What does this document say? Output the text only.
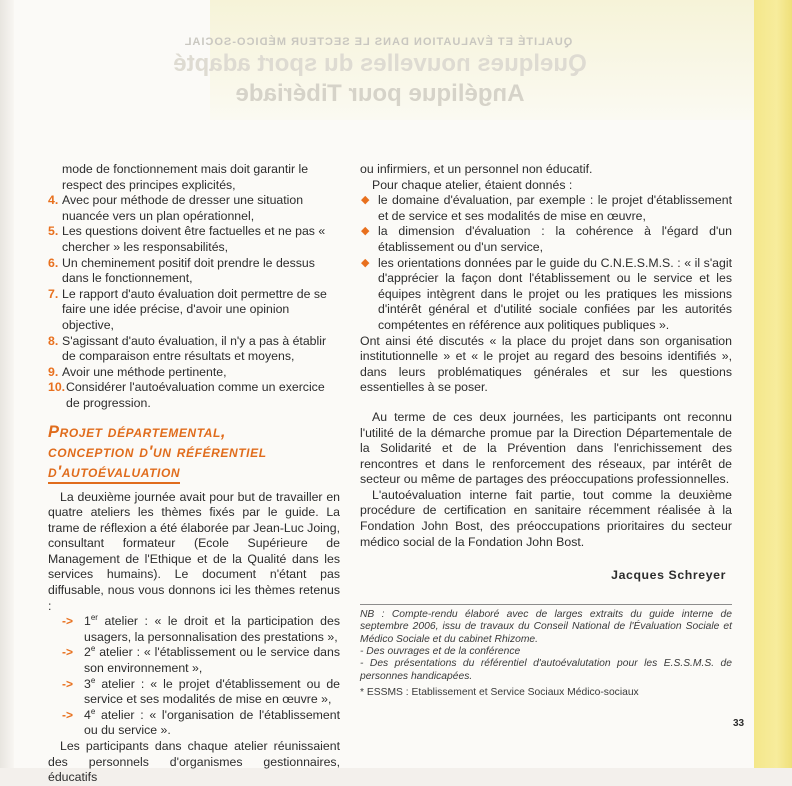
QUALITÉ ET ÉVALUATION DANS LE SECTEUR MÉDICO-SOCIAL
Quelques nouvelles du sport adapté
Angélique pour Tibériade
mode de fonctionnement mais doit garantir le respect des principes explicités,
4. Avec pour méthode de dresser une situation nuancée vers un plan opérationnel,
5. Les questions doivent être factuelles et ne pas « chercher » les responsabilités,
6. Un cheminement positif doit prendre le dessus dans le fonctionnement,
7. Le rapport d'auto évaluation doit permettre de se faire une idée précise, d'avoir une opinion objective,
8. S'agissant d'auto évaluation, il n'y a pas à établir de comparaison entre résultats et moyens,
9. Avoir une méthode pertinente,
10. Considérer l'autoévaluation comme un exercice de progression.
Projet départemental,
conception d'un référentiel
d'autoévaluation

La deuxième journée avait pour but de travailler en quatre ateliers les thèmes fixés par le guide. La trame de réflexion a été élaborée par Jean-Luc Joing, consultant formateur (Ecole Supérieure de Management de l'Ethique et de la Qualité dans les services humains). Le document n'étant pas diffusable, nous vous donnons ici les thèmes retenus :

-> 1er atelier : « le droit et la participation des usagers, la personnalisation des prestations »,
-> $2^e$ atelier : « l'établissement ou le service dans son environnement »,
-> $3^e$ atelier : « le projet d'établissement ou de service et ses modalités de mise en œuvre »,
-> $4^e$ atelier : « l'organisation de l'établissement ou du service ».

Les participants dans chaque atelier réunissaient des personnels d'organismes gestionnaires, éducatifs

ou infirmiers, et un personnel non éducatif.

Pour chaque atelier, étaient donnés :

◆ le domaine d'évaluation, par exemple : le projet d'établissement et de service et ses modalités de mise en œuvre,
◆ la dimension d'évaluation : la cohérence à l'égard d'un établissement ou d'un service,
◆ les orientations données par le guide du C.N.E.S.M.S. : « il s'agit d'apprécier la façon dont l'établissement ou le service et les équipes intègrent dans le projet ou les pratiques les missions d'intérêt général et d'utilité sociale confiées par les autorités compétentes en référence aux politiques publiques ».

Ont ainsi été discutés « la place du projet dans son organisation institutionnelle » et « le projet au regard des besoins identifiés », dans leurs problématiques générales et sur les questions essentielles à se poser.

Au terme de ces deux journées, les participants ont reconnu l'utilité de la démarche promue par la Direction Départementale de la Solidarité et de la Prévention dans l'enrichissement des rencontres et dans le renforcement des réseaux, par intérêt de secteur ou même de partages des préoccupations professionnelles.

L'autoévaluation interne fait partie, tout comme la deuxième procédure de certification en sanitaire récemment réalisée à la Fondation John Bost, des préoccupations prioritaires du secteur médico social de la Fondation John Bost.

Jacques Schreyer
NB : Compte-rendu élaboré avec de larges extraits du guide interne de septembre 2006, issu de travaux du Conseil National de l'Évaluation Sociale et Médico Sociale et du cabinet Rhizome.
- Des ouvrages et de la conférence
- Des présentations du référentiel d'autoévalutation pour les E.S.S.M.S. de personnes handicapées.
* ESSMS : Etablissement et Service Sociaux Médico-sociaux
33
